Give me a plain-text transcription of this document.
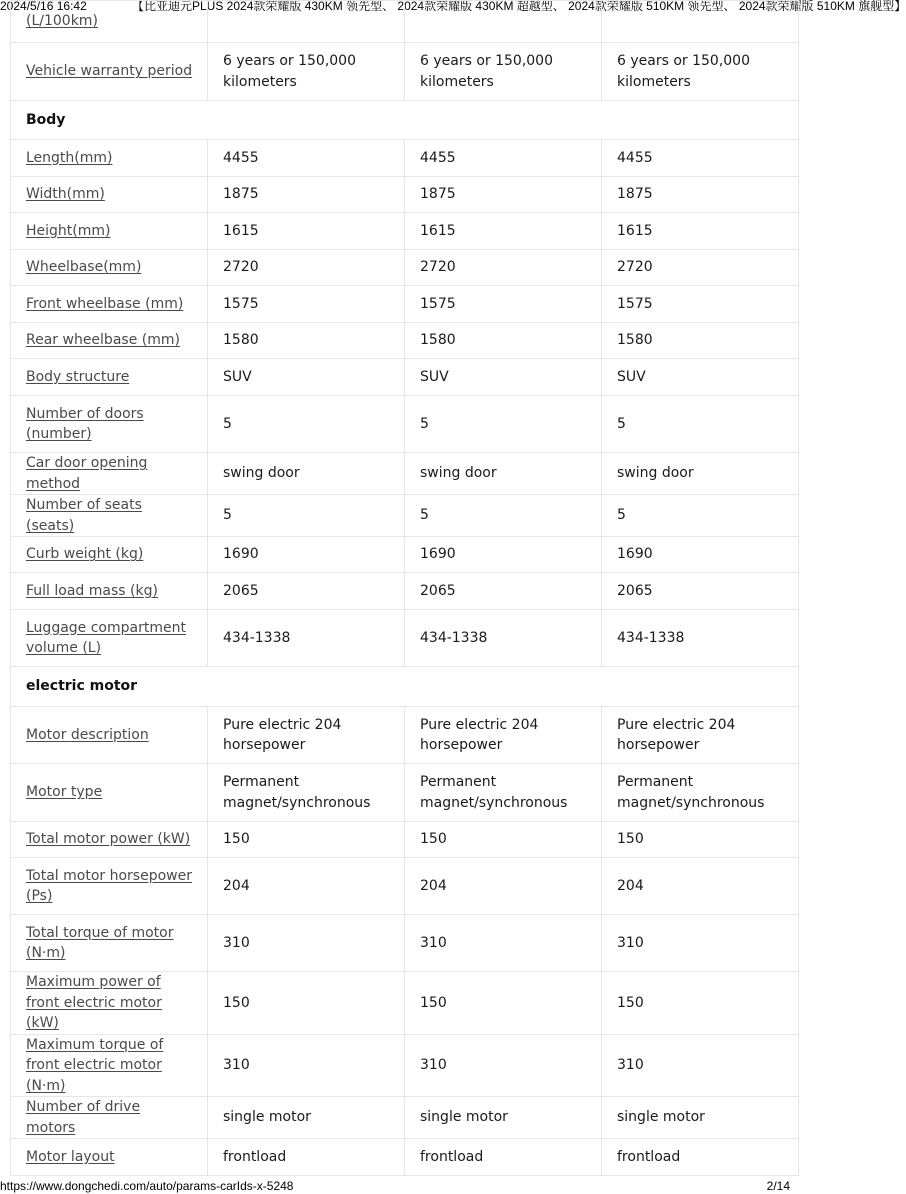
2024/5/16 16:42	【比亚迪元PLUS 2024款荣耀版 430KM 领先型、 2024款荣耀版 430KM 超越型、 2024款荣耀版 510KM 领先型、 2024款荣耀版 510KM 旗舰型】
(L/100km)			
Vehicle warranty period	6 years or 150,000 kilometers	6 years or 150,000 kilometers	6 years or 150,000 kilometers
Body			
Length(mm)	4455	4455	4455
Width(mm)	1875	1875	1875
Height(mm)	1615	1615	1615
Wheelbase(mm)	2720	2720	2720
Front wheelbase (mm)	1575	1575	1575
Rear wheelbase (mm)	1580	1580	1580
Body structure	SUV	SUV	SUV
Number of doors (number)	5	5	5
Car door opening method	swing door	swing door	swing door
Number of seats (seats)	5	5	5
Curb weight (kg)	1690	1690	1690
Full load mass (kg)	2065	2065	2065
Luggage compartment volume (L)	434-1338	434-1338	434-1338
electric motor			
Motor description	Pure electric 204 horsepower	Pure electric 204 horsepower	Pure electric 204 horsepower
Motor type	Permanent magnet/synchronous	Permanent magnet/synchronous	Permanent magnet/synchronous
Total motor power (kW)	150	150	150
Total motor horsepower (Ps)	204	204	204
Total torque of motor (N·m)	310	310	310
Maximum power of front electric motor (kW)	150	150	150
Maximum torque of front electric motor (N·m)	310	310	310
Number of drive motors	single motor	single motor	single motor
Motor layout	frontload	frontload	frontload
https://www.dongchedi.com/auto/params-carIds-x-5248	2/14
